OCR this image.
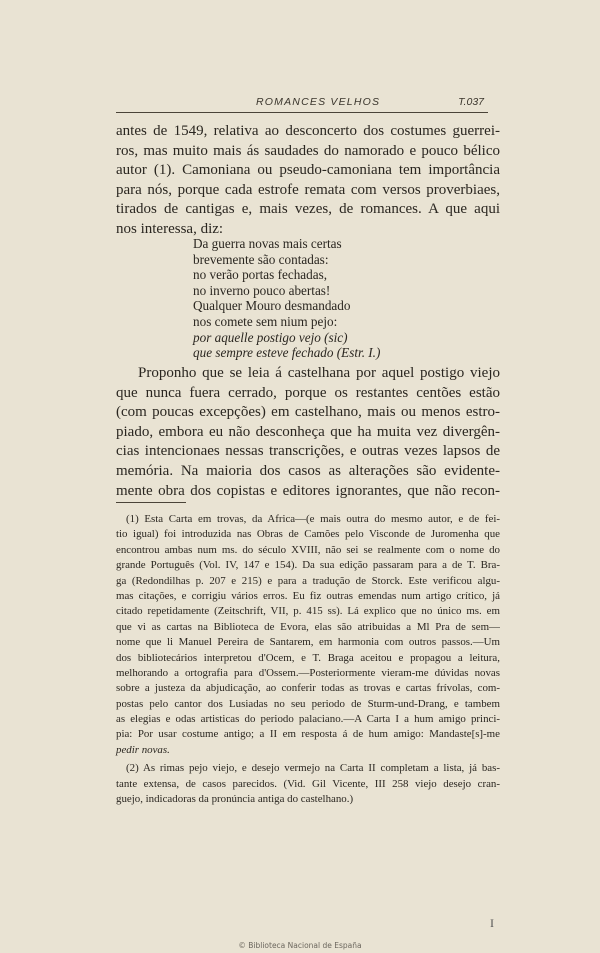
ROMANCES VELHOS	T.037
antes de 1549, relativa ao desconcerto dos costumes guerrei-
ros, mas muito mais ás saudades do namorado e pouco bélico
autor (1). Camoniana ou pseudo-camoniana tem importância
para nós, porque cada estrofe remata com versos proverbiaes,
tirados de cantigas e, mais vezes, de romances. A que aqui
nos interessa, diz:
Da guerra novas mais certas
brevemente são contadas:
no verão portas fechadas,
no inverno pouco abertas!
Qualquer Mouro desmandado
nos comete sem nium pejo:
por aquelle postigo vejo (sic)
que sempre esteve fechado (Estr. I.)
Proponho que se leia á castelhana por aquel postigo viejo
que nunca fuera cerrado, porque os restantes centões estão
(com poucas excepções) em castelhano, mais ou menos estro-
piado, embora eu não desconheça que ha muita vez divergên-
cias intencionaes nessas transcrições, e outras vezes lapsos de
memória. Na maioria dos casos as alterações são evidente-
mente obra dos copistas e editores ignorantes, que não recon-
(1) Esta Carta em trovas, da Africa—(e mais outra do mesmo autor, e de fei-
tio igual) foi introduzida nas Obras de Camões pelo Visconde de Juromenha que
encontrou ambas num ms. do século XVIII, não sei se realmente com o nome do
grande Português (Vol. IV, 147 e 154). Da sua edição passaram para a de T. Bra-
ga (Redondilhas p. 207 e 215) e para a tradução de Storck. Este verificou algu-
mas citações, e corrigiu vários erros. Eu fiz outras emendas num artigo crítico, já
citado repetidamente (Zeitschrift, VII, p. 415 ss). Lá explico que no único ms. em
que vi as cartas na Biblioteca de Evora, elas são atribuidas a Ml Pra de sem—
nome que li Manuel Pereira de Santarem, em harmonia com outros passos.—Um
dos bibliotecários interpretou d'Ocem, e T. Braga aceitou e propagou a leitura,
melhorando a ortografia para d'Ossem.—Posteriormente vieram-me dúvidas novas
sobre a justeza da abjudicação, ao conferir todas as trovas e cartas frívolas, com-
postas pelo cantor dos Lusiadas no seu periodo de Sturm-und-Drang, e tambem
as elegias e odas artisticas do periodo palaciano.—A Carta I a hum amigo princi-
pia: Por usar costume antigo; a II em resposta á de hum amigo: Mandaste[s]-me
pedir novas.
(2) As rimas pejo viejo, e desejo vermejo na Carta II completam a lista, já bas-
tante extensa, de casos parecidos. (Vid. Gil Vicente, III 258 viejo desejo cran-
guejo, indicadoras da pronúncia antiga do castelhano.)
I
© Biblioteca Nacional de España
